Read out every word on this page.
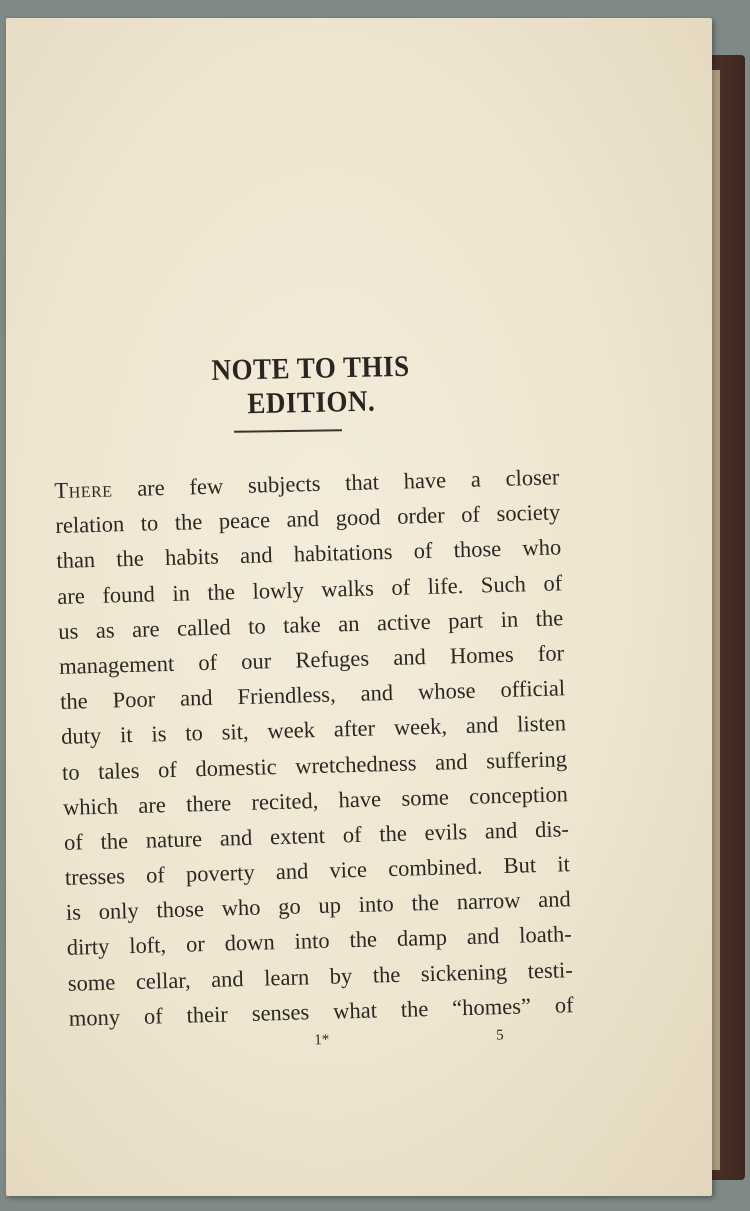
NOTE TO THIS EDITION.
There are few subjects that have a closer
relation to the peace and good order of society
than the habits and habitations of those who
are found in the lowly walks of life. Such of
us as are called to take an active part in the
management of our Refuges and Homes for
the Poor and Friendless, and whose official
duty it is to sit, week after week, and listen
to tales of domestic wretchedness and suffering
which are there recited, have some conception
of the nature and extent of the evils and dis-
tresses of poverty and vice combined. But it
is only those who go up into the narrow and
dirty loft, or down into the damp and loath-
some cellar, and learn by the sickening testi-
mony of their senses what the “homes” of
1*	5
